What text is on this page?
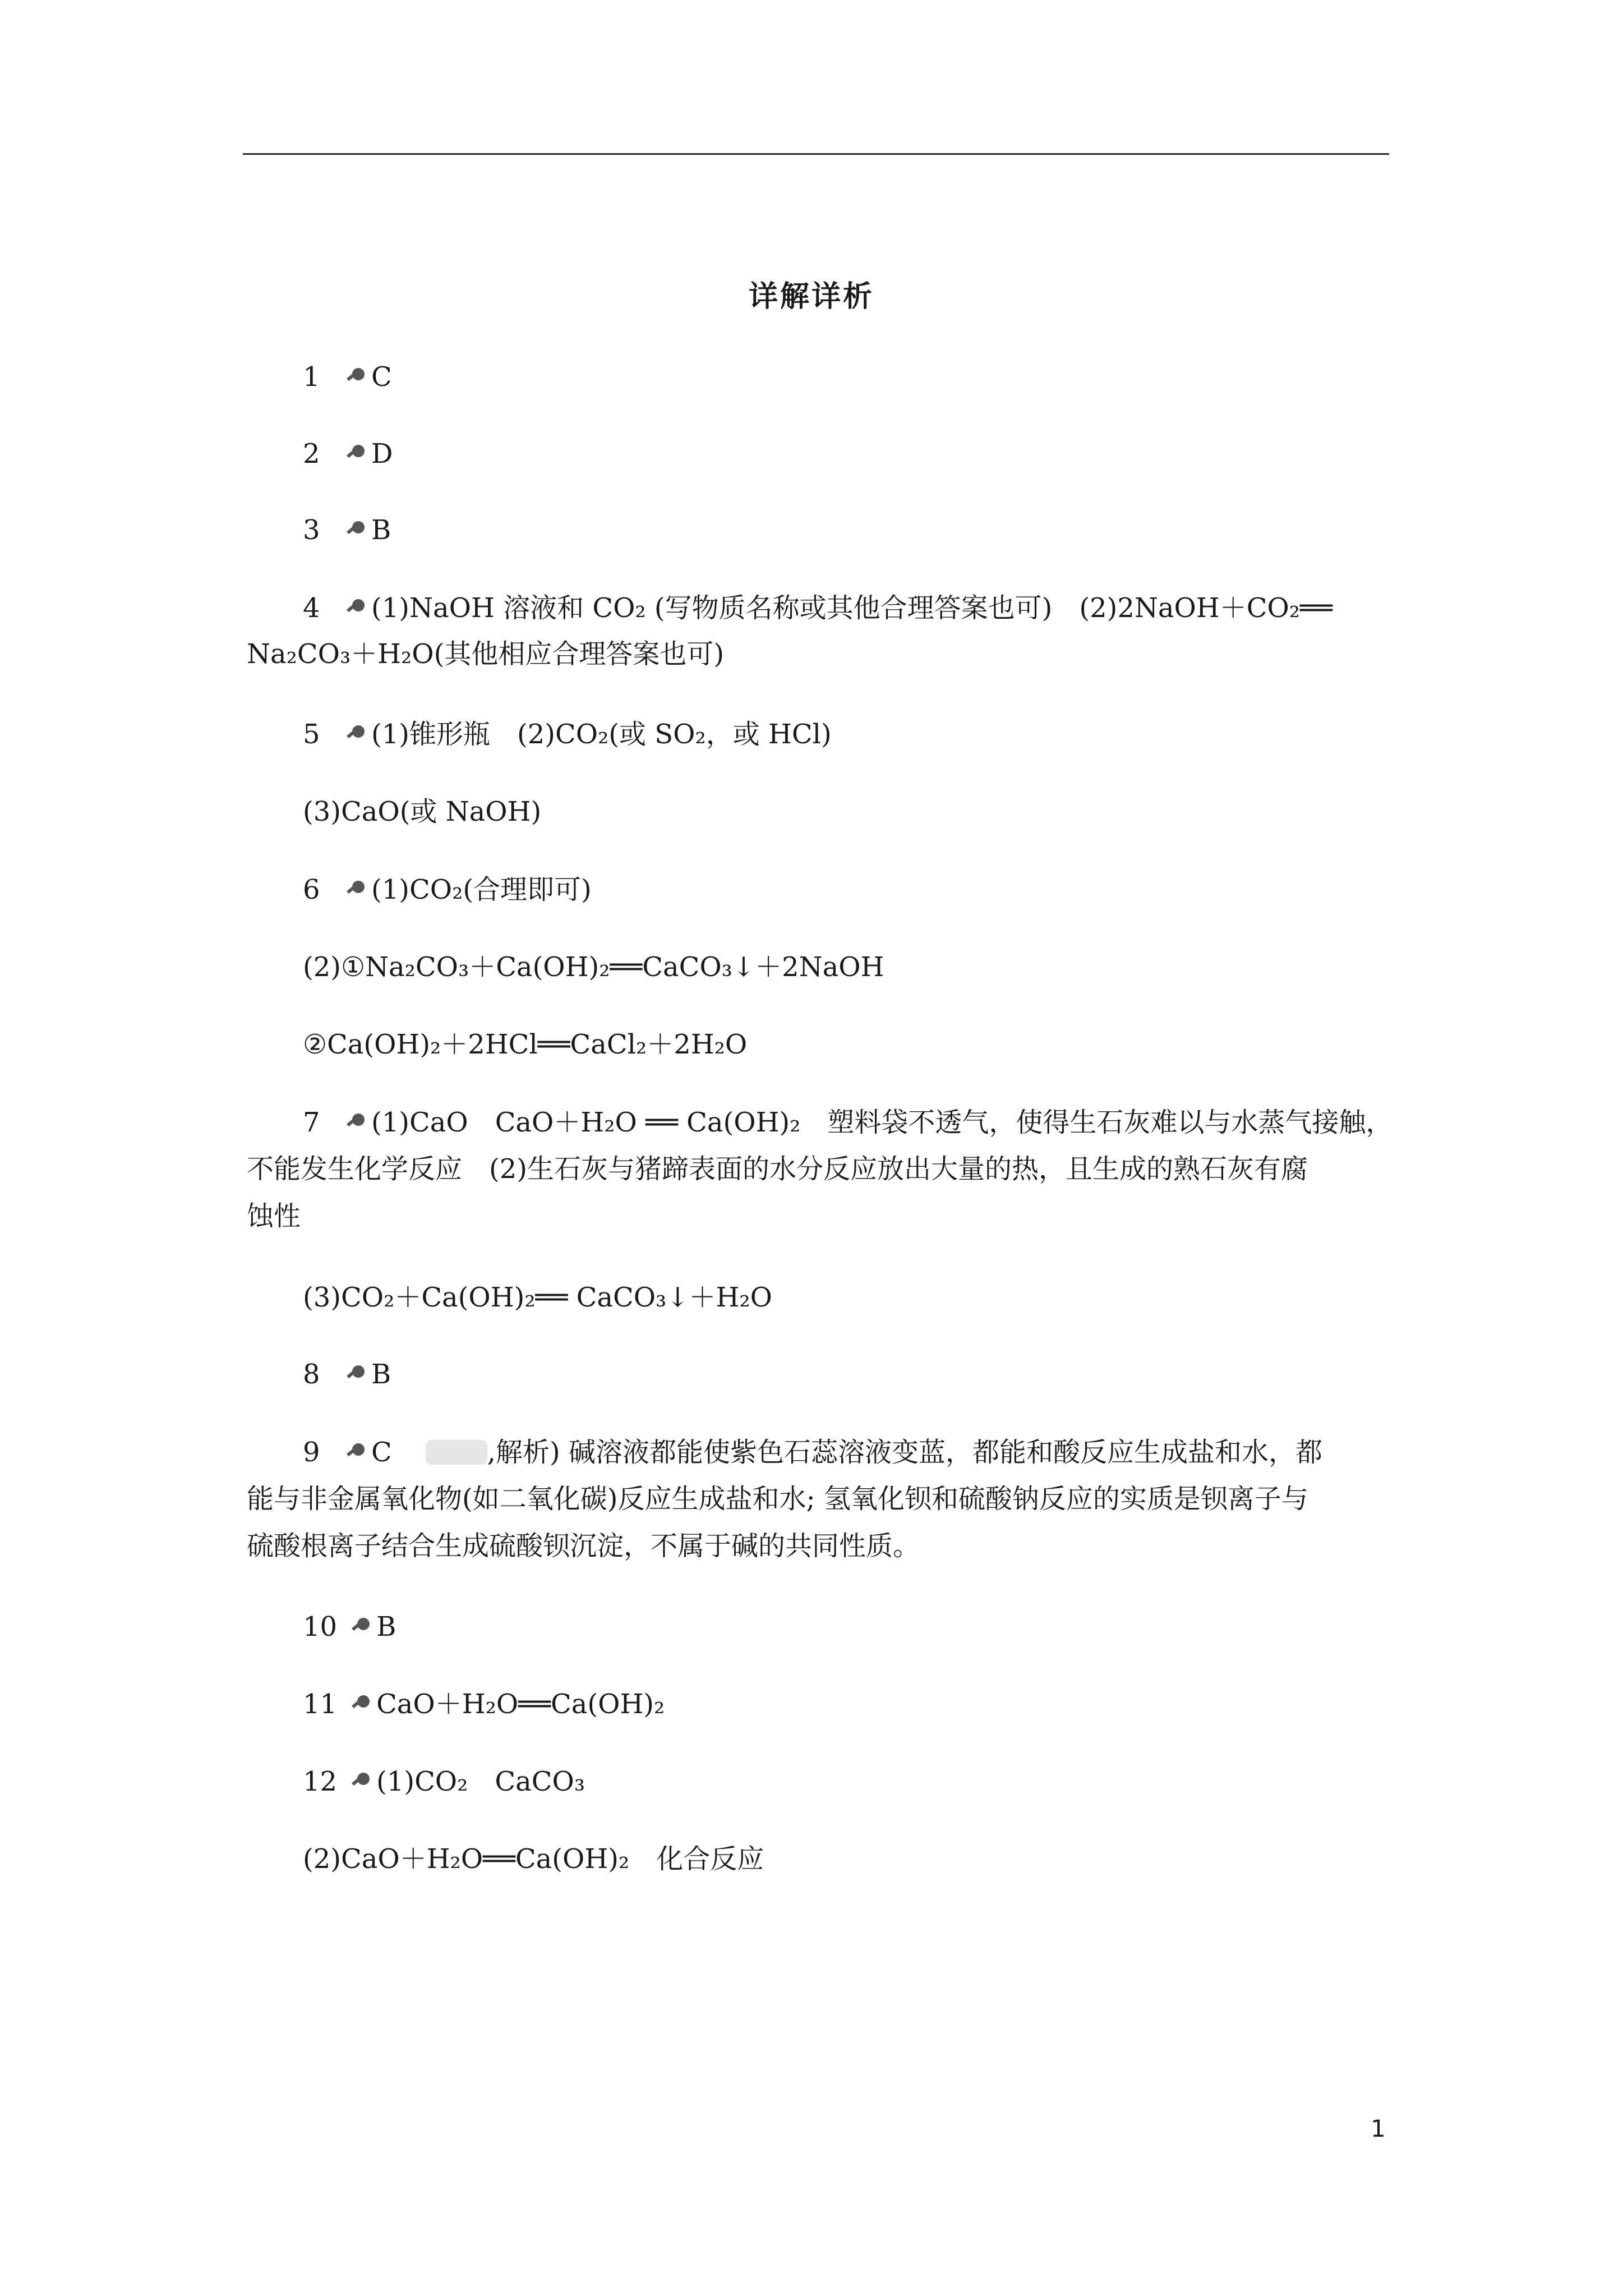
详解详析
1 C
2 D
3 B
4 (1)NaOH 溶液和 CO₂ (写物质名称或其他合理答案也可)　(2)2NaOH＋CO₂══
Na₂CO₃＋H₂O(其他相应合理答案也可)
5 (1)锥形瓶　(2)CO₂(或 SO₂，或 HCl)
(3)CaO(或 NaOH)
6 (1)CO₂(合理即可)
(2)①Na₂CO₃＋Ca(OH)₂══CaCO₃↓＋2NaOH
②Ca(OH)₂＋2HCl══CaCl₂＋2H₂O
7 (1)CaO　CaO＋H₂O ══ Ca(OH)₂　塑料袋不透气，使得生石灰难以与水蒸气接触，
不能发生化学反应　(2)生石灰与猪蹄表面的水分反应放出大量的热，且生成的熟石灰有腐
蚀性
(3)CO₂＋Ca(OH)₂══ CaCO₃↓＋H₂O
8 B
9 C	,解析) 碱溶液都能使紫色石蕊溶液变蓝，都能和酸反应生成盐和水，都
能与非金属氧化物(如二氧化碳)反应生成盐和水; 氢氧化钡和硫酸钠反应的实质是钡离子与
硫酸根离子结合生成硫酸钡沉淀，不属于碱的共同性质。
10 B
11 CaO＋H₂O══Ca(OH)₂
12 (1)CO₂　CaCO₃
(2)CaO＋H₂O══Ca(OH)₂　化合反应
1
